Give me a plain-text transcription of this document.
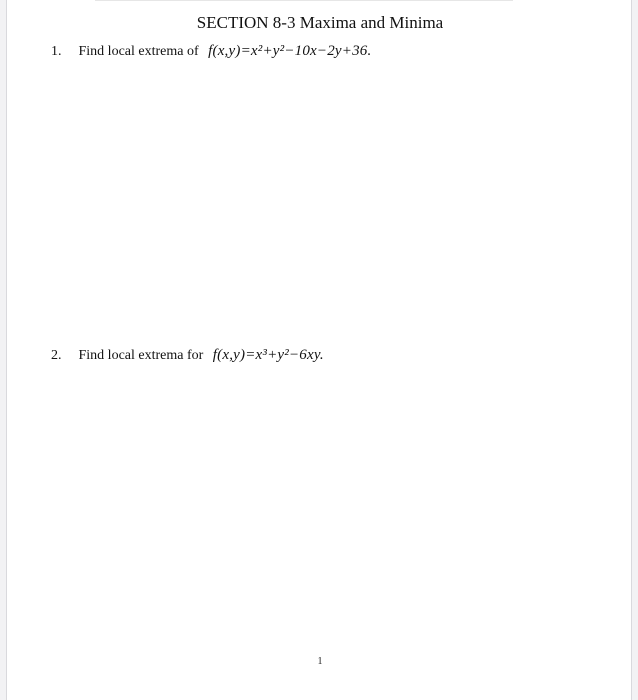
SECTION 8-3 Maxima and Minima
1. Find local extrema of f(x,y)=x²+y²−10x−2y+36.
2. Find local extrema for f(x,y)=x³+y²−6xy.
1
